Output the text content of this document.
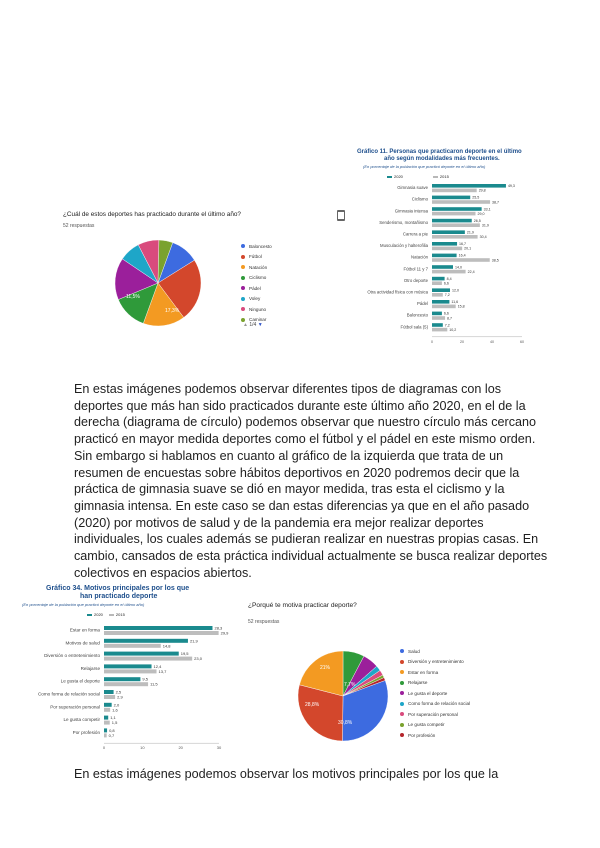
¿Cuál de estos deportes has practicado durante el último año?
52 respuestas
17,3%
11,5%
Baloncesto
Fútbol
Natación
Ciclismo
Pádel
Voley
Ninguno
Caminar
▲ 1/4 ▼
Gráfico 11. Personas que practicaron deporte en el último
año según modalidades más frecuentes.
(En porcentaje de la población que practicó deporte en el último año)
2020	2015
Gimnasia suave	49,3
29,8
Ciclismo	25,5
38,7
Gimnasia intensa	33,1
29,0
Senderismo, montañismo	26,5
31,9
Carrera a pie	21,9
30,4
Musculación y halterofilia	16,7
20,1
Natación	16,4
38,5
Fútbol 11 y 7	14,0
22,4
Otro deporte	8,4
6,6
Otra actividad física con música	12,0
7,2
Pádel	11,6
15,8
Baloncesto	6,6
8,7
Fútbol sala (5)	7,2
10,2
0	20	40	60
En estas imágenes podemos observar diferentes tipos de diagramas con los
deportes que más han sido practicados durante este último año 2020, en el de la
derecha (diagrama de círculo) podemos observar que nuestro círculo más cercano
practicó en mayor medida deportes como el fútbol y el pádel en este mismo orden.
Sin embargo si hablamos en cuanto al gráfico de la izquierda que trata de un
resumen de encuestas sobre hábitos deportivos en 2020 podremos decir que la
práctica de gimnasia suave se dió en mayor medida, tras esta el ciclismo y la
gimnasia intensa. En este caso se dan estas diferencias ya que en el año pasado
(2020) por motivos de salud y de la pandemia era mejor realizar deportes
individuales, los cuales además se pudieran realizar en nuestras propias casas. En
cambio, cansados de esta práctica individual actualmente se busca realizar deportes
colectivos en espacios abiertos.
Gráfico 34. Motivos principales por los que
han practicado deporte
(En porcentaje de la población que practicó deporte en el último año)
2020	2015
Estar en forma	28,3
29,9
Motivos de salud	21,9
14,8
Diversión o entretenimiento	19,5
23,0
Relajarse	12,4
13,7
Le gusta el deporte	9,5
11,5
Como forma de relación social	2,5
2,9
Por superación personal	2,0
1,6
Le gusta competir	1,1
1,5
Por profesión 0,8
0,7
0	10	20	30
¿Porqué te motiva practicar deporte?
52 respuestas
21%
28,8%
30,8%
7,7%
Salud
Diversión y entretenimiento
Estar en forma
Relajarse
Le gusta el deporte
Como forma de relación social
Por superación personal
Le gusta competir
Por profesión
En estas imágenes podemos observar los motivos principales por los que la
